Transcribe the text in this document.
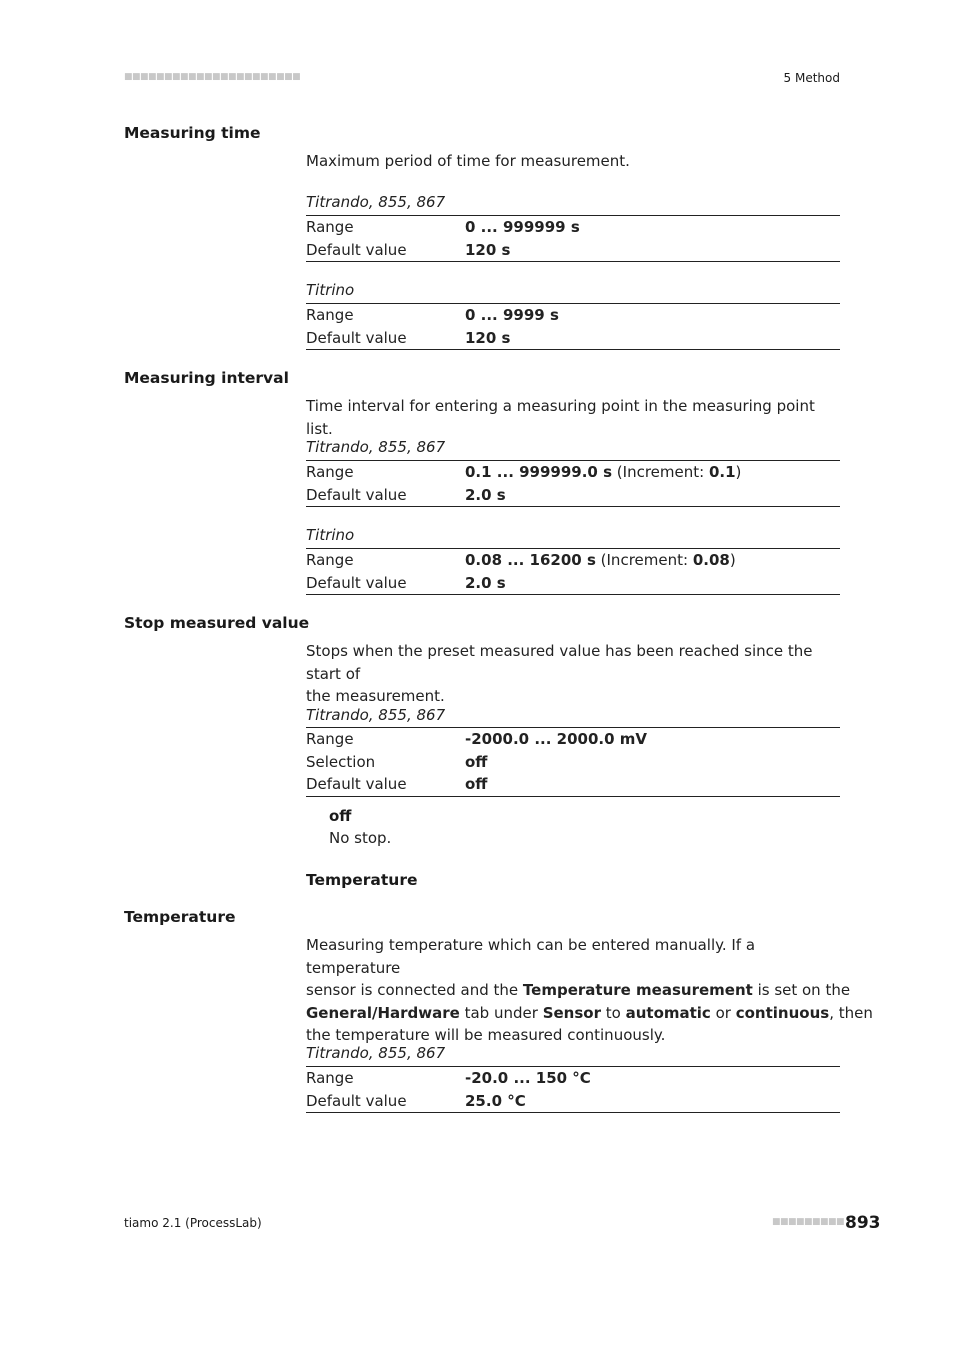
■■■■■■■■■■■■■■■■■■■■■■	5 Method
Measuring time
Maximum period of time for measurement.
Titrando, 855, 867
Range	0 ... 999999 s
Default value	120 s
Titrino
Range	0 ... 9999 s
Default value	120 s
Measuring interval
Time interval for entering a measuring point in the measuring point list.
Titrando, 855, 867
Range	0.1 ... 999999.0 s (Increment: 0.1)
Default value	2.0 s
Titrino
Range	0.08 ... 16200 s (Increment: 0.08)
Default value	2.0 s
Stop measured value
Stops when the preset measured value has been reached since the start of
the measurement.
Titrando, 855, 867
Range	-2000.0 ... 2000.0 mV
Selection	off
Default value	off
off
No stop.
Temperature
Temperature
Measuring temperature which can be entered manually. If a temperature
sensor is connected and the Temperature measurement is set on the
General/Hardware tab under Sensor to automatic or continuous, then
the temperature will be measured continuously.
Titrando, 855, 867
Range	-20.0 ... 150 °C
Default value	25.0 °C
tiamo 2.1 (ProcessLab)	■■■■■■■■■ 893
